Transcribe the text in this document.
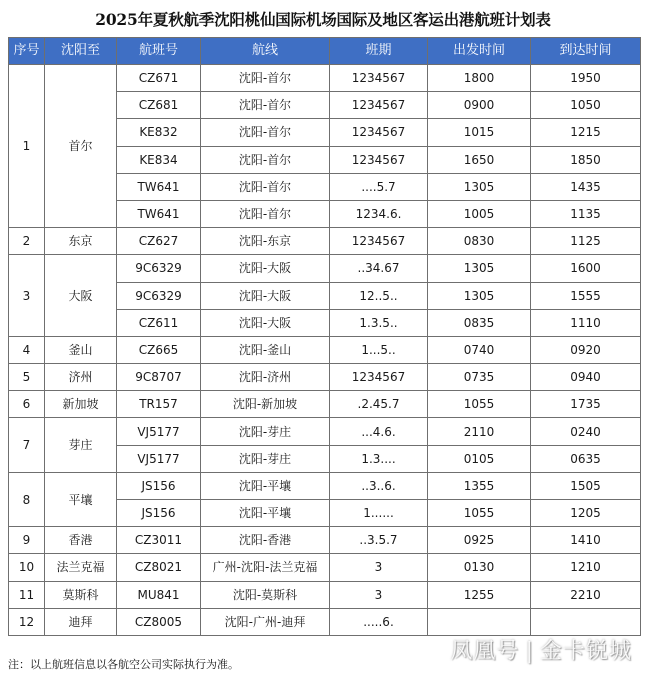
2025年夏秋航季沈阳桃仙国际机场国际及地区客运出港航班计划表
序号	沈阳至	航班号	航线	班期	出发时间	到达时间
1	首尔	CZ671	沈阳-首尔	1234567	1800	1950
		CZ681	沈阳-首尔	1234567	0900	1050
		KE832	沈阳-首尔	1234567	1015	1215
		KE834	沈阳-首尔	1234567	1650	1850
		TW641	沈阳-首尔	....5.7	1305	1435
		TW641	沈阳-首尔	1234.6.	1005	1135
2	东京	CZ627	沈阳-东京	1234567	0830	1125
3	大阪	9C6329	沈阳-大阪	..34.67	1305	1600
		9C6329	沈阳-大阪	12..5..	1305	1555
		CZ611	沈阳-大阪	1.3.5..	0835	1110
4	釜山	CZ665	沈阳-釜山	1...5..	0740	0920
5	济州	9C8707	沈阳-济州	1234567	0735	0940
6	新加坡	TR157	沈阳-新加坡	.2.45.7	1055	1735
7	芽庄	VJ5177	沈阳-芽庄	...4.6.	2110	0240
		VJ5177	沈阳-芽庄	1.3....	0105	0635
8	平壤	JS156	沈阳-平壤	..3..6.	1355	1505
		JS156	沈阳-平壤	1......	1055	1205
9	香港	CZ3011	沈阳-香港	..3.5.7	0925	1410
10	法兰克福	CZ8021	广州-沈阳-法兰克福	3	0130	1210
11	莫斯科	MU841	沈阳-莫斯科	3	1255	2210
12	迪拜	CZ8005	沈阳-广州-迪拜	.....6.		
注：以上航班信息以各航空公司实际执行为准。
凤凰号 | 金卡锐城
